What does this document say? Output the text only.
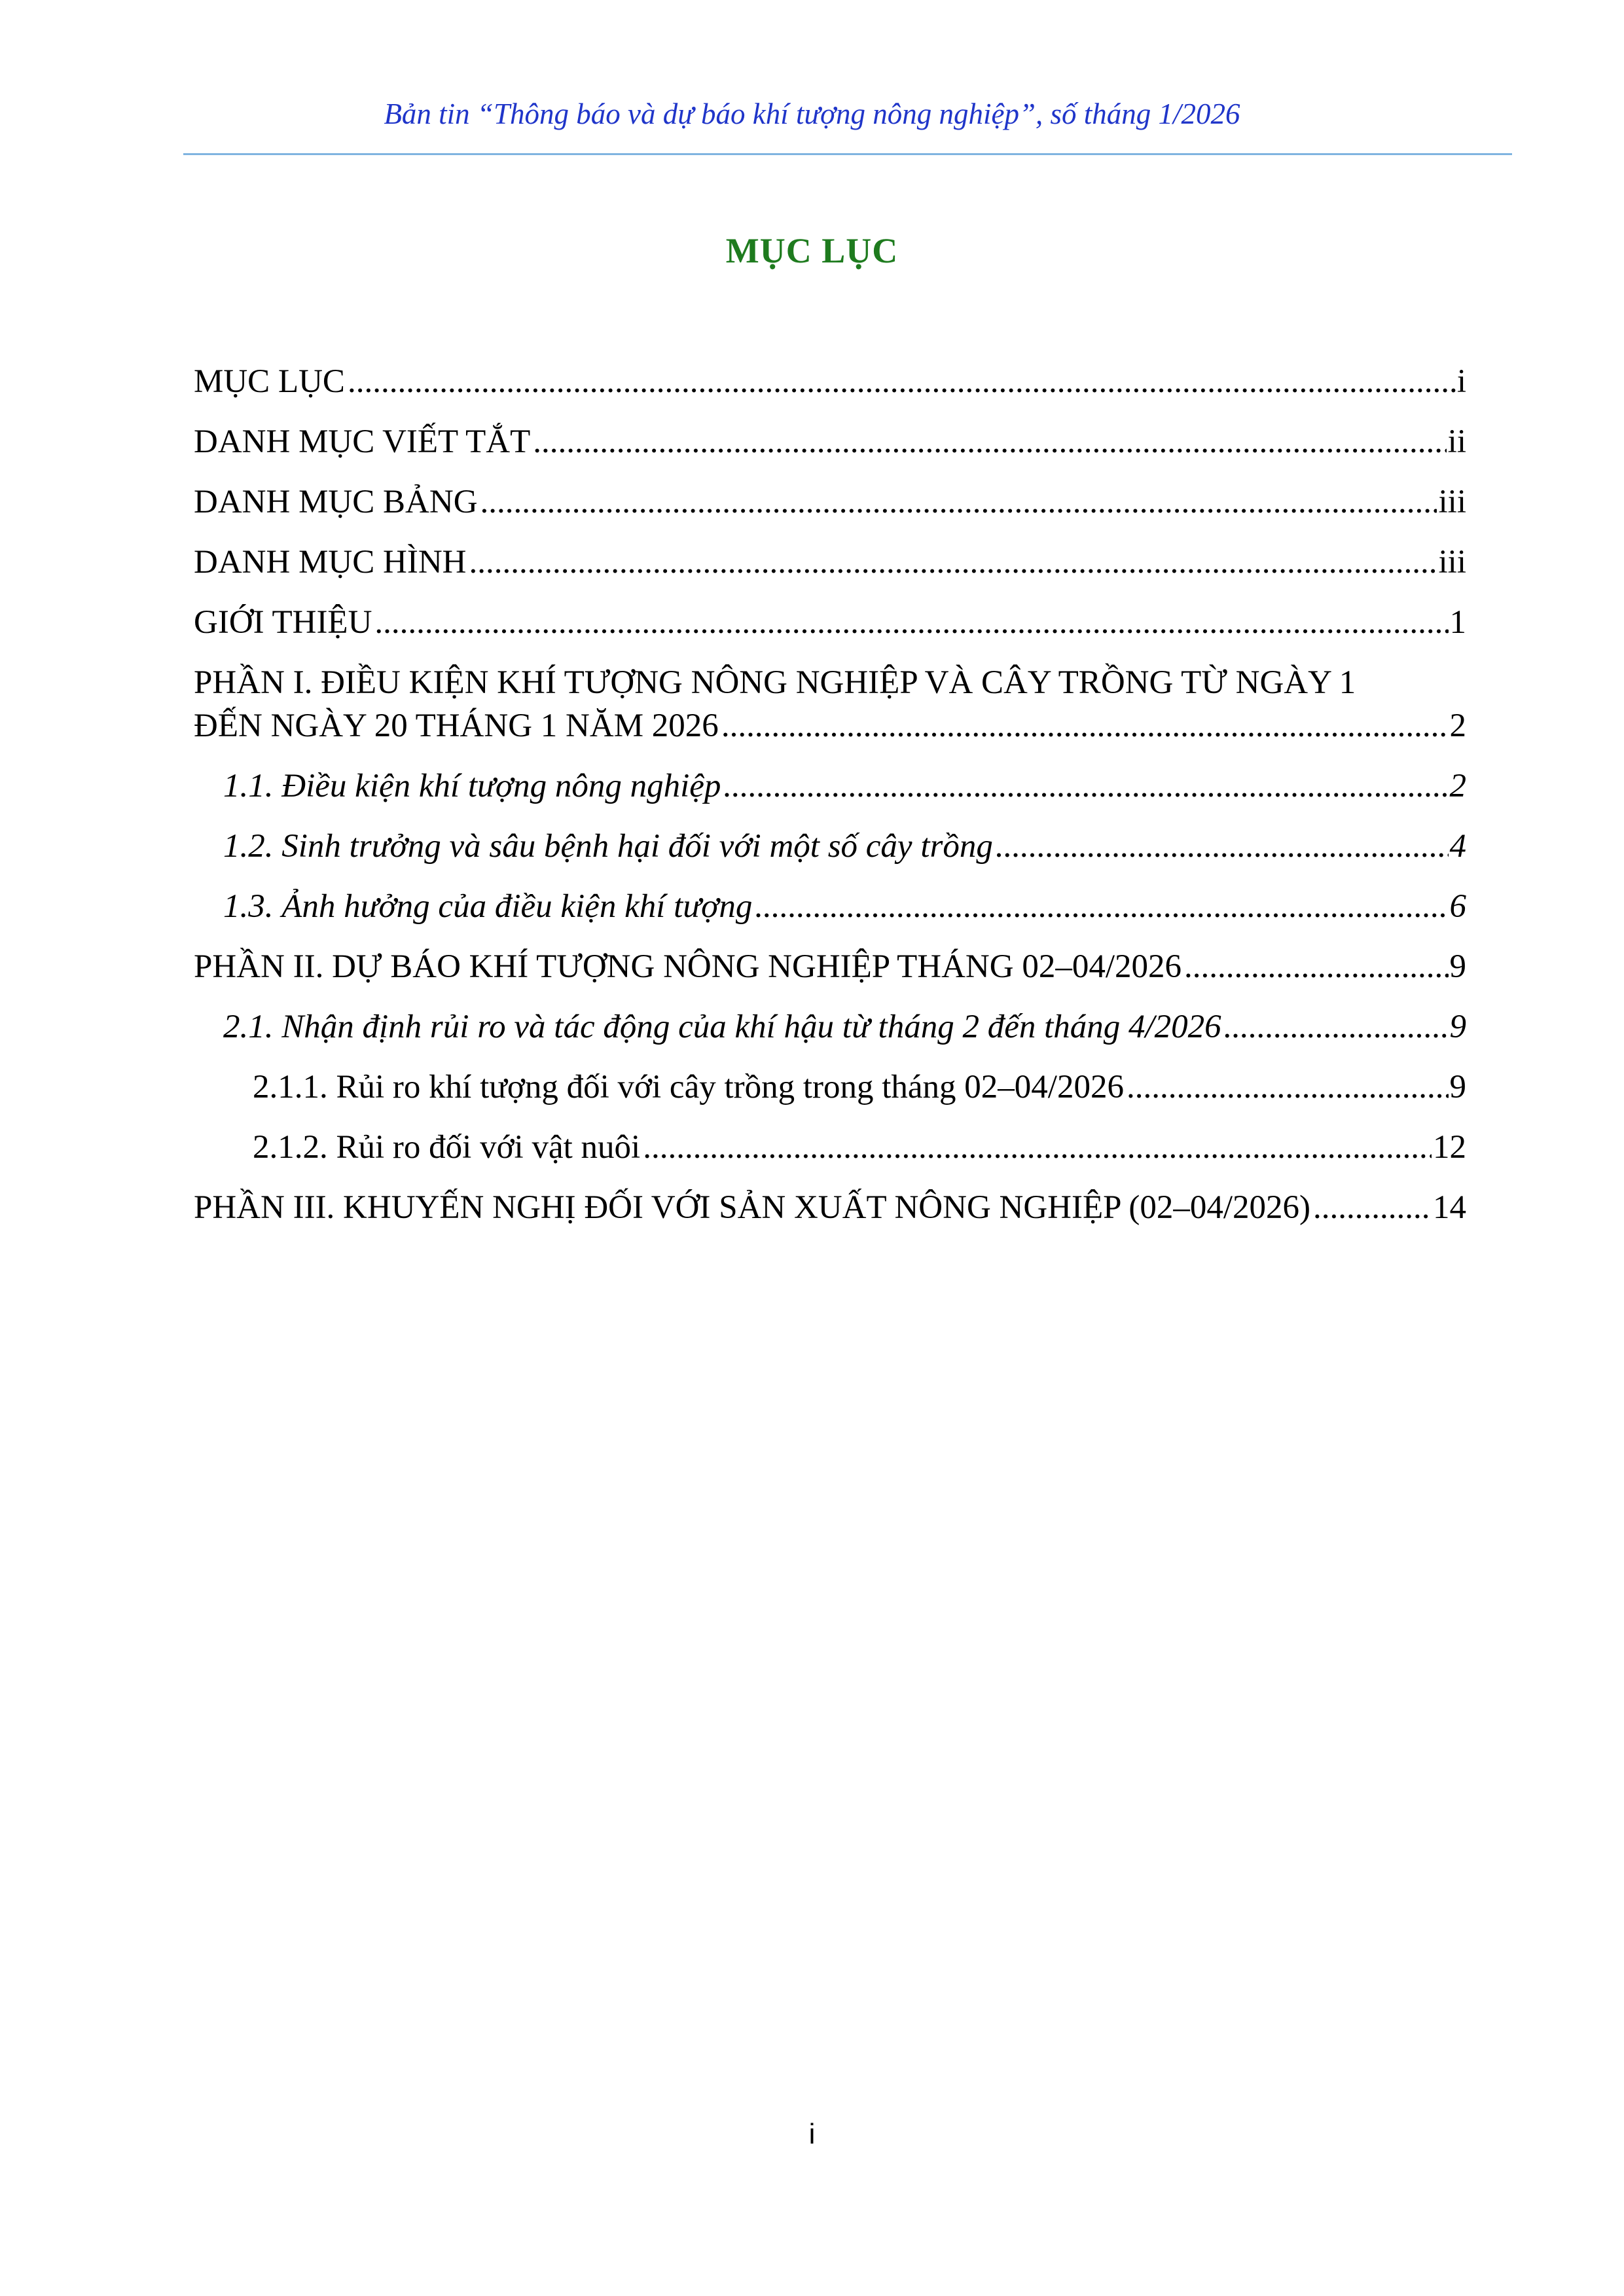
Bản tin “Thông báo và dự báo khí tượng nông nghiệp”, số tháng 1/2026
MỤC LỤC
MỤC LỤC .....	i
DANH MỤC VIẾT TẮT .....	ii
DANH MỤC BẢNG .....	iii
DANH MỤC HÌNH .....	iii
GIỚI THIỆU .....	1
PHẦN I. ĐIỀU KIỆN KHÍ TƯỢNG NÔNG NGHIỆP VÀ CÂY TRỒNG TỪ NGÀY 1
ĐẾN NGÀY 20 THÁNG 1 NĂM 2026 .....	2
1.1. Điều kiện khí tượng nông nghiệp .....	2
1.2. Sinh trưởng và sâu bệnh hại đối với một số cây trồng .....	4
1.3. Ảnh hưởng của điều kiện khí tượng .....	6
PHẦN II. DỰ BÁO KHÍ TƯỢNG NÔNG NGHIỆP THÁNG 02–04/2026 .....	9
2.1. Nhận định rủi ro và tác động của khí hậu từ tháng 2 đến tháng 4/2026 .....	9
2.1.1. Rủi ro khí tượng đối với cây trồng trong tháng 02–04/2026 .....	9
2.1.2. Rủi ro đối với vật nuôi .....	12
PHẦN III. KHUYẾN NGHỊ ĐỐI VỚI SẢN XUẤT NÔNG NGHIỆP (02–04/2026) .....	14
i
